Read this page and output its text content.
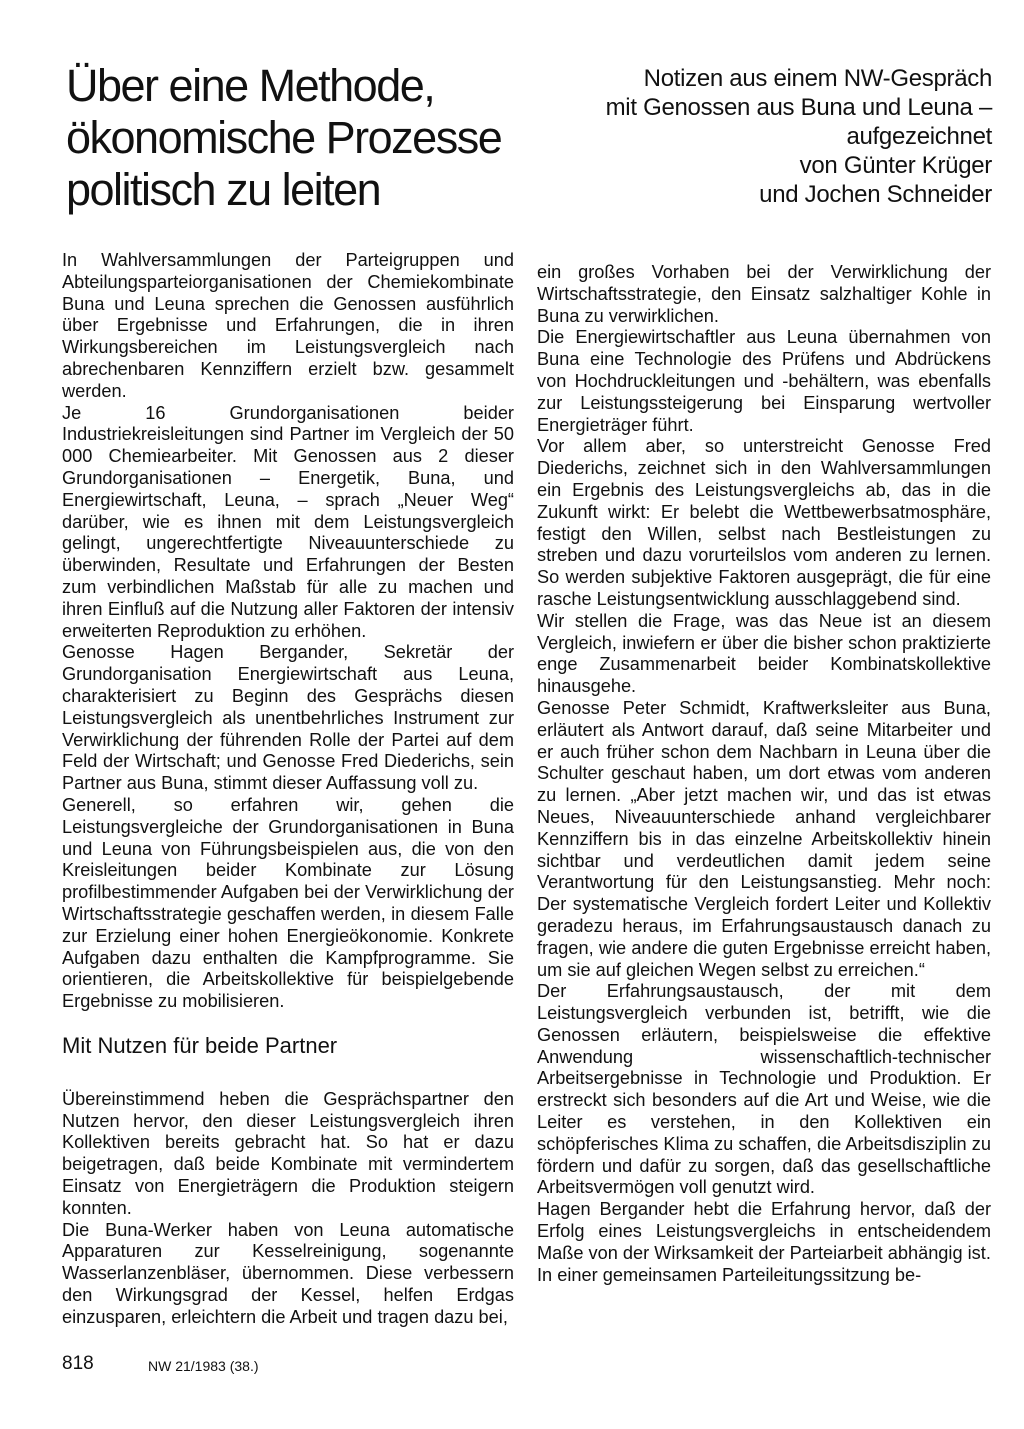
Über eine Methode,
ökonomische Prozesse
politisch zu leiten
Notizen aus einem NW-Gespräch
mit Genossen aus Buna und Leuna –
aufgezeichnet
von Günter Krüger
und Jochen Schneider

In Wahlversammlungen der Parteigruppen und Abteilungsparteiorganisationen der Chemiekombinate Buna und Leuna sprechen die Genossen ausführlich über Ergebnisse und Erfahrungen, die in ihren Wirkungsbereichen im Leistungsvergleich nach abrechenbaren Kennziffern erzielt bzw. gesammelt werden.

Je 16 Grundorganisationen beider Industriekreisleitungen sind Partner im Vergleich der 50 000 Chemiearbeiter. Mit Genossen aus 2 dieser Grundorganisationen – Energetik, Buna, und Energiewirtschaft, Leuna, – sprach „Neuer Weg“ darüber, wie es ihnen mit dem Leistungsvergleich gelingt, ungerechtfertigte Niveauunterschiede zu überwinden, Resultate und Erfahrungen der Besten zum verbindlichen Maßstab für alle zu machen und ihren Einfluß auf die Nutzung aller Faktoren der intensiv erweiterten Reproduktion zu erhöhen.

Genosse Hagen Bergander, Sekretär der Grundorganisation Energiewirtschaft aus Leuna, charakterisiert zu Beginn des Gesprächs diesen Leistungsvergleich als unentbehrliches Instrument zur Verwirklichung der führenden Rolle der Partei auf dem Feld der Wirtschaft; und Genosse Fred Diederichs, sein Partner aus Buna, stimmt dieser Auffassung voll zu.

Generell, so erfahren wir, gehen die Leistungsvergleiche der Grundorganisationen in Buna und Leuna von Führungsbeispielen aus, die von den Kreisleitungen beider Kombinate zur Lösung profilbestimmender Aufgaben bei der Verwirklichung der Wirtschaftsstrategie geschaffen werden, in diesem Falle zur Erzielung einer hohen Energieökonomie. Konkrete Aufgaben dazu enthalten die Kampfprogramme. Sie orientieren, die Arbeitskollektive für beispielgebende Ergebnisse zu mobilisieren.

Mit Nutzen für beide Partner

Übereinstimmend heben die Gesprächspartner den Nutzen hervor, den dieser Leistungsvergleich ihren Kollektiven bereits gebracht hat. So hat er dazu beigetragen, daß beide Kombinate mit vermindertem Einsatz von Energieträgern die Produktion steigern konnten.

Die Buna-Werker haben von Leuna automatische Apparaturen zur Kesselreinigung, sogenannte Wasserlanzenbläser, übernommen. Diese verbessern den Wirkungsgrad der Kessel, helfen Erdgas einzusparen, erleichtern die Arbeit und tragen dazu bei,

ein großes Vorhaben bei der Verwirklichung der Wirtschaftsstrategie, den Einsatz salzhaltiger Kohle in Buna zu verwirklichen.

Die Energiewirtschaftler aus Leuna übernahmen von Buna eine Technologie des Prüfens und Abdrückens von Hochdruckleitungen und -behältern, was ebenfalls zur Leistungssteigerung bei Einsparung wertvoller Energieträger führt.

Vor allem aber, so unterstreicht Genosse Fred Diederichs, zeichnet sich in den Wahlversammlungen ein Ergebnis des Leistungsvergleichs ab, das in die Zukunft wirkt: Er belebt die Wettbewerbsatmosphäre, festigt den Willen, selbst nach Bestleistungen zu streben und dazu vorurteilslos vom anderen zu lernen. So werden subjektive Faktoren ausgeprägt, die für eine rasche Leistungsentwicklung ausschlaggebend sind.

Wir stellen die Frage, was das Neue ist an diesem Vergleich, inwiefern er über die bisher schon praktizierte enge Zusammenarbeit beider Kombinatskollektive hinausgehe.

Genosse Peter Schmidt, Kraftwerksleiter aus Buna, erläutert als Antwort darauf, daß seine Mitarbeiter und er auch früher schon dem Nachbarn in Leuna über die Schulter geschaut haben, um dort etwas vom anderen zu lernen. „Aber jetzt machen wir, und das ist etwas Neues, Niveauunterschiede anhand vergleichbarer Kennziffern bis in das einzelne Arbeitskollektiv hinein sichtbar und verdeutlichen damit jedem seine Verantwortung für den Leistungsanstieg. Mehr noch: Der systematische Vergleich fordert Leiter und Kollektiv geradezu heraus, im Erfahrungsaustausch danach zu fragen, wie andere die guten Ergebnisse erreicht haben, um sie auf gleichen Wegen selbst zu erreichen.“

Der Erfahrungsaustausch, der mit dem Leistungsvergleich verbunden ist, betrifft, wie die Genossen erläutern, beispielsweise die effektive Anwendung wissenschaftlich-technischer Arbeitsergebnisse in Technologie und Produktion. Er erstreckt sich besonders auf die Art und Weise, wie die Leiter es verstehen, in den Kollektiven ein schöpferisches Klima zu schaffen, die Arbeitsdisziplin zu fördern und dafür zu sorgen, daß das gesellschaftliche Arbeitsvermögen voll genutzt wird.

Hagen Bergander hebt die Erfahrung hervor, daß der Erfolg eines Leistungsvergleichs in entscheidendem Maße von der Wirksamkeit der Parteiarbeit abhängig ist.

In einer gemeinsamen Parteileitungssitzung be-

818	NW 21/1983 (38.)
